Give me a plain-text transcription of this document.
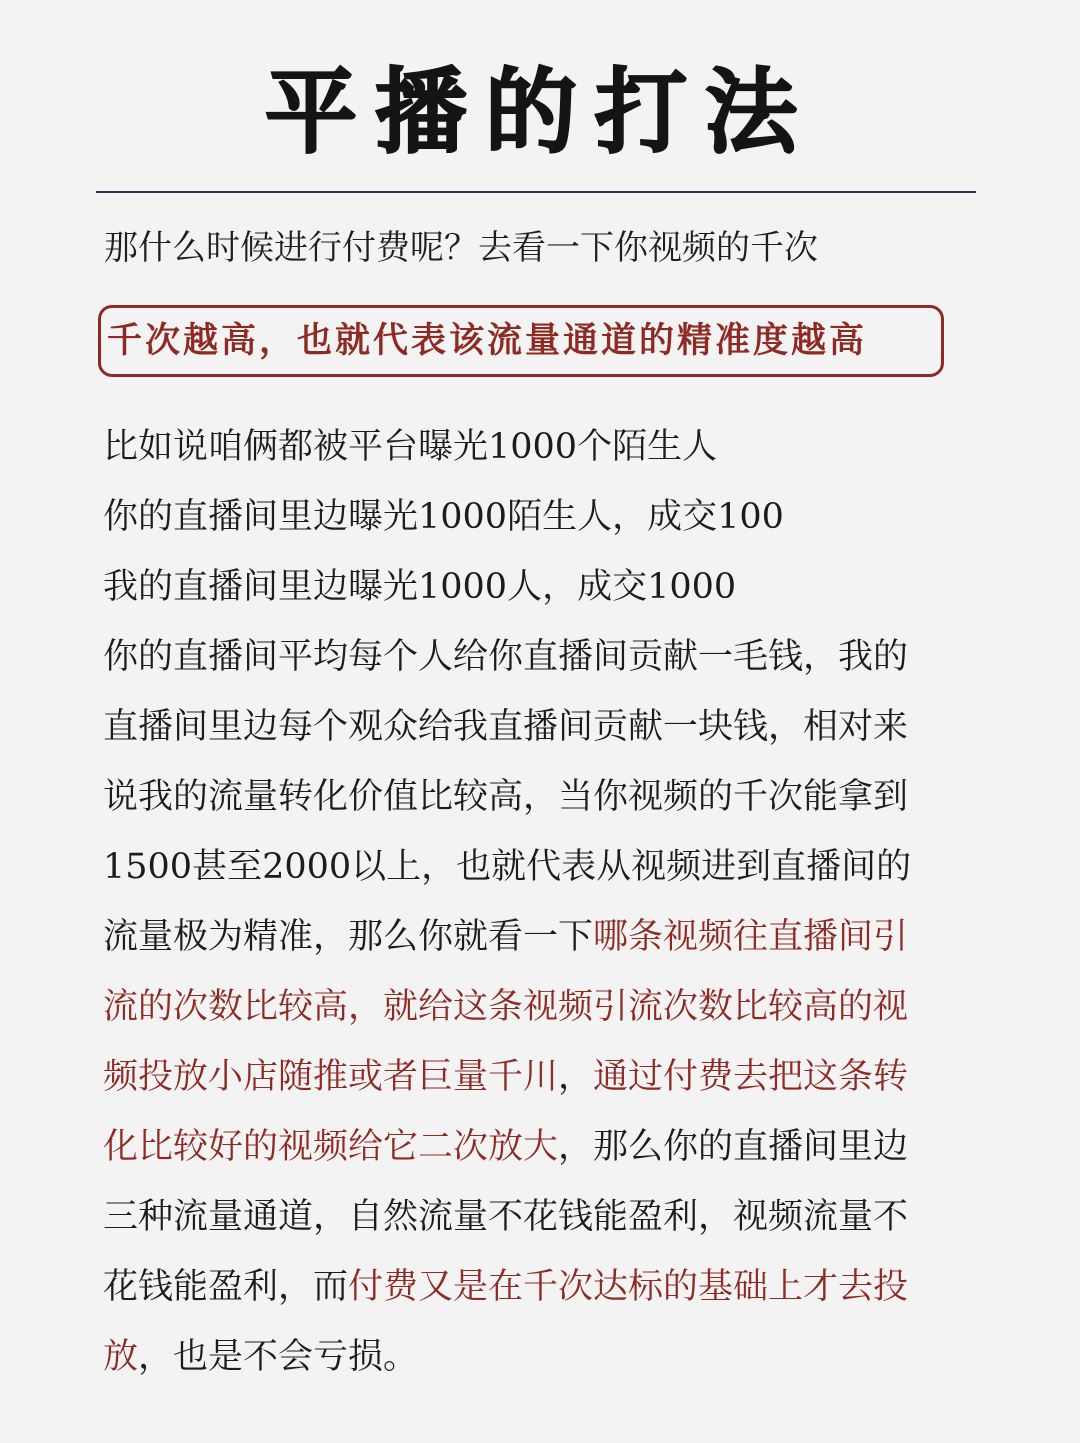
平播的打法
那什么时候进行付费呢？去看一下你视频的千次
千次越高，也就代表该流量通道的精准度越高
比如说咱俩都被平台曝光1000个陌生人
你的直播间里边曝光1000陌生人，成交100
我的直播间里边曝光1000人，成交1000
你的直播间平均每个人给你直播间贡献一毛钱，我的
直播间里边每个观众给我直播间贡献一块钱，相对来
说我的流量转化价值比较高，当你视频的千次能拿到
1500甚至2000以上，也就代表从视频进到直播间的
流量极为精准，那么你就看一下哪条视频往直播间引
流的次数比较高，就给这条视频引流次数比较高的视
频投放小店随推或者巨量千川，通过付费去把这条转
化比较好的视频给它二次放大，那么你的直播间里边
三种流量通道，自然流量不花钱能盈利，视频流量不
花钱能盈利，而付费又是在千次达标的基础上才去投
放，也是不会亏损。
